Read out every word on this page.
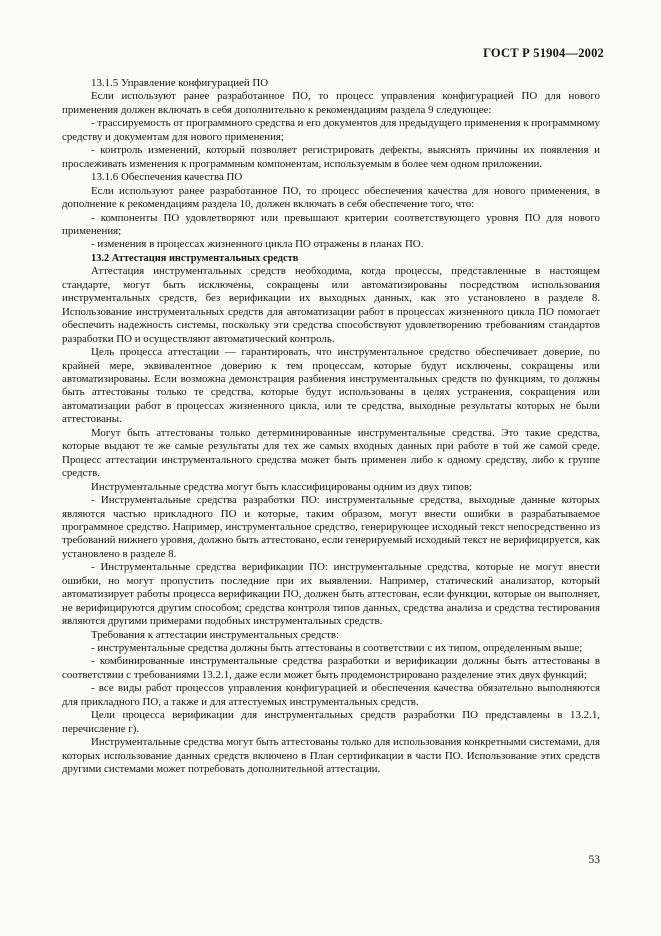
ГОСТ Р 51904—2002

13.1.5 Управление конфигурацией ПО

Если используют ранее разработанное ПО, то процесс управления конфигурацией ПО для нового применения должен включать в себя дополнительно к рекомендациям раздела 9 следующее:

- трассируемость от программного средства и его документов для предыдущего применения к программному средству и документам для нового применения;

- контроль изменений, который позволяет регистрировать дефекты, выяснять причины их появления и прослеживать изменения к программным компонентам, используемым в более чем одном приложении.

13.1.6 Обеспечения качества ПО

Если используют ранее разработанное ПО, то процесс обеспечения качества для нового применения, в дополнение к рекомендациям раздела 10, должен включать в себя обеспечение того, что:

- компоненты ПО удовлетворяют или превышают критерии соответствующего уровня ПО для нового применения;

- изменения в процессах жизненного цикла ПО отражены в планах ПО.

13.2 Аттестация инструментальных средств

Аттестация инструментальных средств необходима, когда процессы, представленные в настоящем стандарте, могут быть исключены, сокращены или автоматизированы посредством использования инструментальных средств, без верификации их выходных данных, как это установлено в разделе 8. Использование инструментальных средств для автоматизации работ в процессах жизненного цикла ПО помогает обеспечить надежность системы, поскольку эти средства способствуют удовлетворению требованиям стандартов разработки ПО и осуществляют автоматический контроль.

Цель процесса аттестации — гарантировать, что инструментальное средство обеспечивает доверие, по крайней мере, эквивалентное доверию к тем процессам, которые будут исключены, сокращены или автоматизированы. Если возможна демонстрация разбиения инструментальных средств по функциям, то должны быть аттестованы только те средства, которые будут использованы в целях устранения, сокращения или автоматизации работ в процессах жизненного цикла, или те средства, выходные результаты которых не были аттестованы.

Могут быть аттестованы только детерминированные инструментальные средства. Это такие средства, которые выдают те же самые результаты для тех же самых входных данных при работе в той же самой среде. Процесс аттестации инструментального средства может быть применен либо к одному средству, либо к группе средств.

Инструментальные средства могут быть классифицированы одним из двух типов:

- Инструментальные средства разработки ПО: инструментальные средства, выходные данные которых являются частью прикладного ПО и которые, таким образом, могут внести ошибки в разрабатываемое программное средство. Например, инструментальное средство, генерирующее исходный текст непосредственно из требований нижнего уровня, должно быть аттестовано, если генерируемый исходный текст не верифицируется, как установлено в разделе 8.

- Инструментальные средства верификации ПО: инструментальные средства, которые не могут внести ошибки, но могут пропустить последние при их выявлении. Например, статический анализатор, который автоматизирует работы процесса верификации ПО, должен быть аттестован, если функции, которые он выполняет, не верифицируются другим способом; средства контроля типов данных, средства анализа и средства тестирования являются другими примерами подобных инструментальных средств.

Требования к аттестации инструментальных средств:

- инструментальные средства должны быть аттестованы в соответствии с их типом, определенным выше;

- комбинированные инструментальные средства разработки и верификации должны быть аттестованы в соответствии с требованиями 13.2.1, даже если может быть продемонстрировано разделение этих двух функций;

- все виды работ процессов управления конфигурацией и обеспечения качества обязательно выполняются для прикладного ПО, а также и для аттестуемых инструментальных средств.

Цели процесса верификации для инструментальных средств разработки ПО представлены в 13.2.1, перечисление г).

Инструментальные средства могут быть аттестованы только для использования конкретными системами, для которых использование данных средств включено в План сертификации в части ПО. Использование этих средств другими системами может потребовать дополнительной аттестации.

53
